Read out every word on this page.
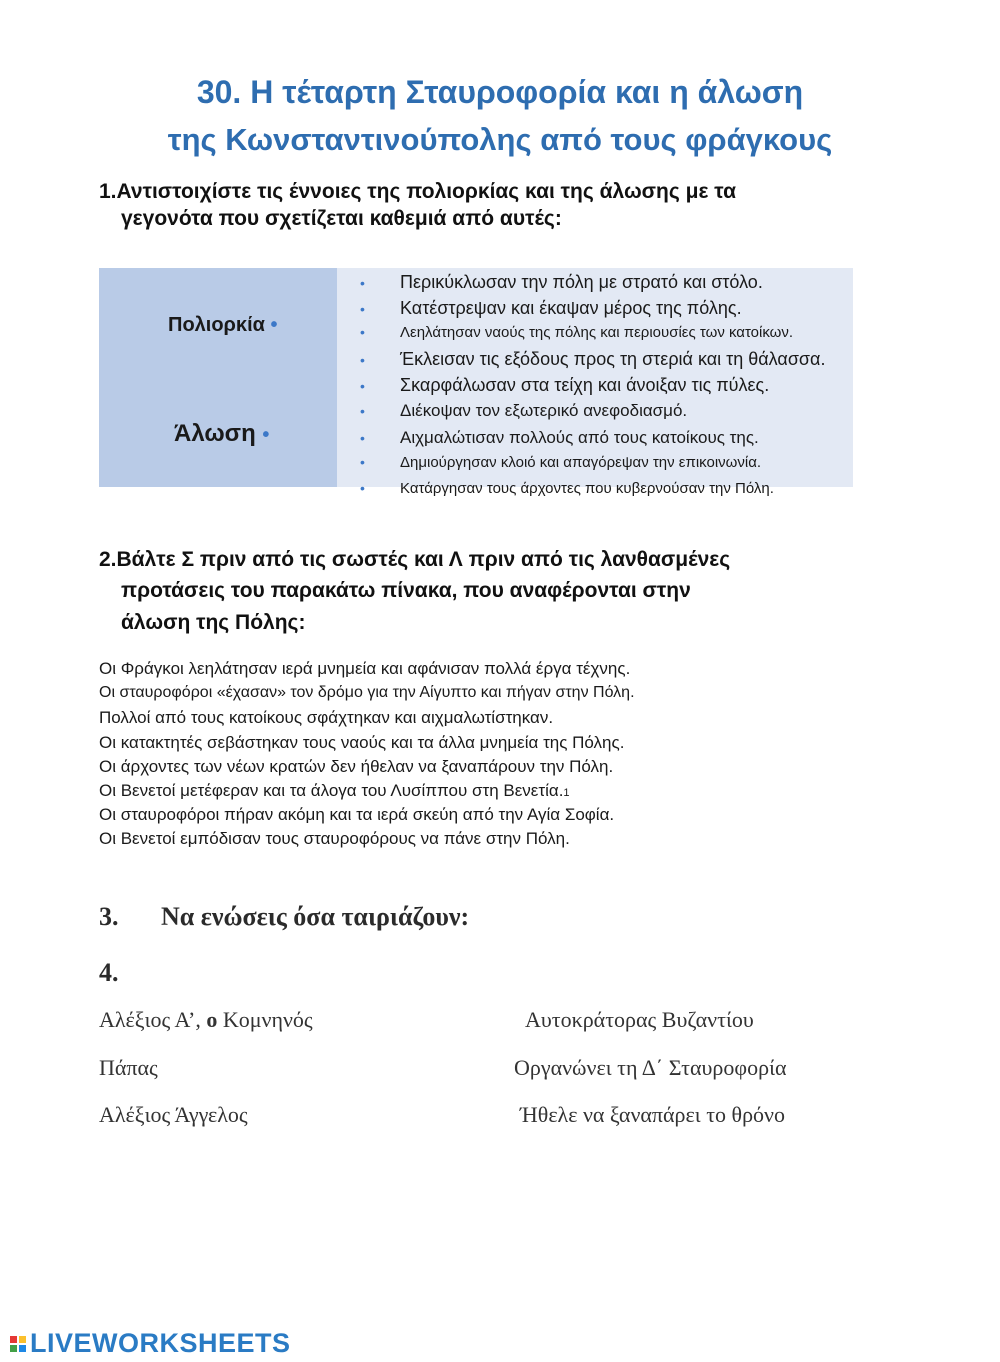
30. Η τέταρτη Σταυροφορία και η άλωση
της Κωνσταντινούπολης από τους φράγκους
1.Αντιστοιχίστε τις έννοιες της πολιορκίας και της άλωσης με τα
γεγονότα που σχετίζεται καθεμιά από αυτές:
Πολιορκία •
Άλωση •
• Περικύκλωσαν την πόλη με στρατό και στόλο.
• Κατέστρεψαν και έκαψαν μέρος της πόλης.
• Λεηλάτησαν ναούς της πόλης και περιουσίες των κατοίκων.
• Έκλεισαν τις εξόδους προς τη στεριά και τη θάλασσα.
• Σκαρφάλωσαν στα τείχη και άνοιξαν τις πύλες.
• Διέκοψαν τον εξωτερικό ανεφοδιασμό.
• Αιχμαλώτισαν πολλούς από τους κατοίκους της.
• Δημιούργησαν κλοιό και απαγόρεψαν την επικοινωνία.
• Κατάργησαν τους άρχοντες που κυβερνούσαν την Πόλη.
2.Βάλτε Σ πριν από τις σωστές και Λ πριν από τις λανθασμένες
προτάσεις του παρακάτω πίνακα, που αναφέρονται στην
άλωση της Πόλης:
Οι Φράγκοι λεηλάτησαν ιερά μνημεία και αφάνισαν πολλά έργα τέχνης.
Οι σταυροφόροι «έχασαν» τον δρόμο για την Αίγυπτο και πήγαν στην Πόλη.
Πολλοί από τους κατοίκους σφάχτηκαν και αιχμαλωτίστηκαν.
Οι κατακτητές σεβάστηκαν τους ναούς και τα άλλα μνημεία της Πόλης.
Οι άρχοντες των νέων κρατών δεν ήθελαν να ξαναπάρουν την Πόλη.
Οι Βενετοί μετέφεραν και τα άλογα του Λυσίππου στη Βενετία.1
Οι σταυροφόροι πήραν ακόμη και τα ιερά σκεύη από την Αγία Σοφία.
Οι Βενετοί εμπόδισαν τους σταυροφόρους να πάνε στην Πόλη.
3. Να ενώσεις όσα ταιριάζουν:
4.
Αλέξιος Α’, ο Κομνηνός
Πάπας
Αλέξιος Άγγελος
Αυτοκράτορας Βυζαντίου
Οργανώνει τη Δ΄ Σταυροφορία
Ήθελε να ξαναπάρει το θρόνο
LIVEWORKSHEETS
